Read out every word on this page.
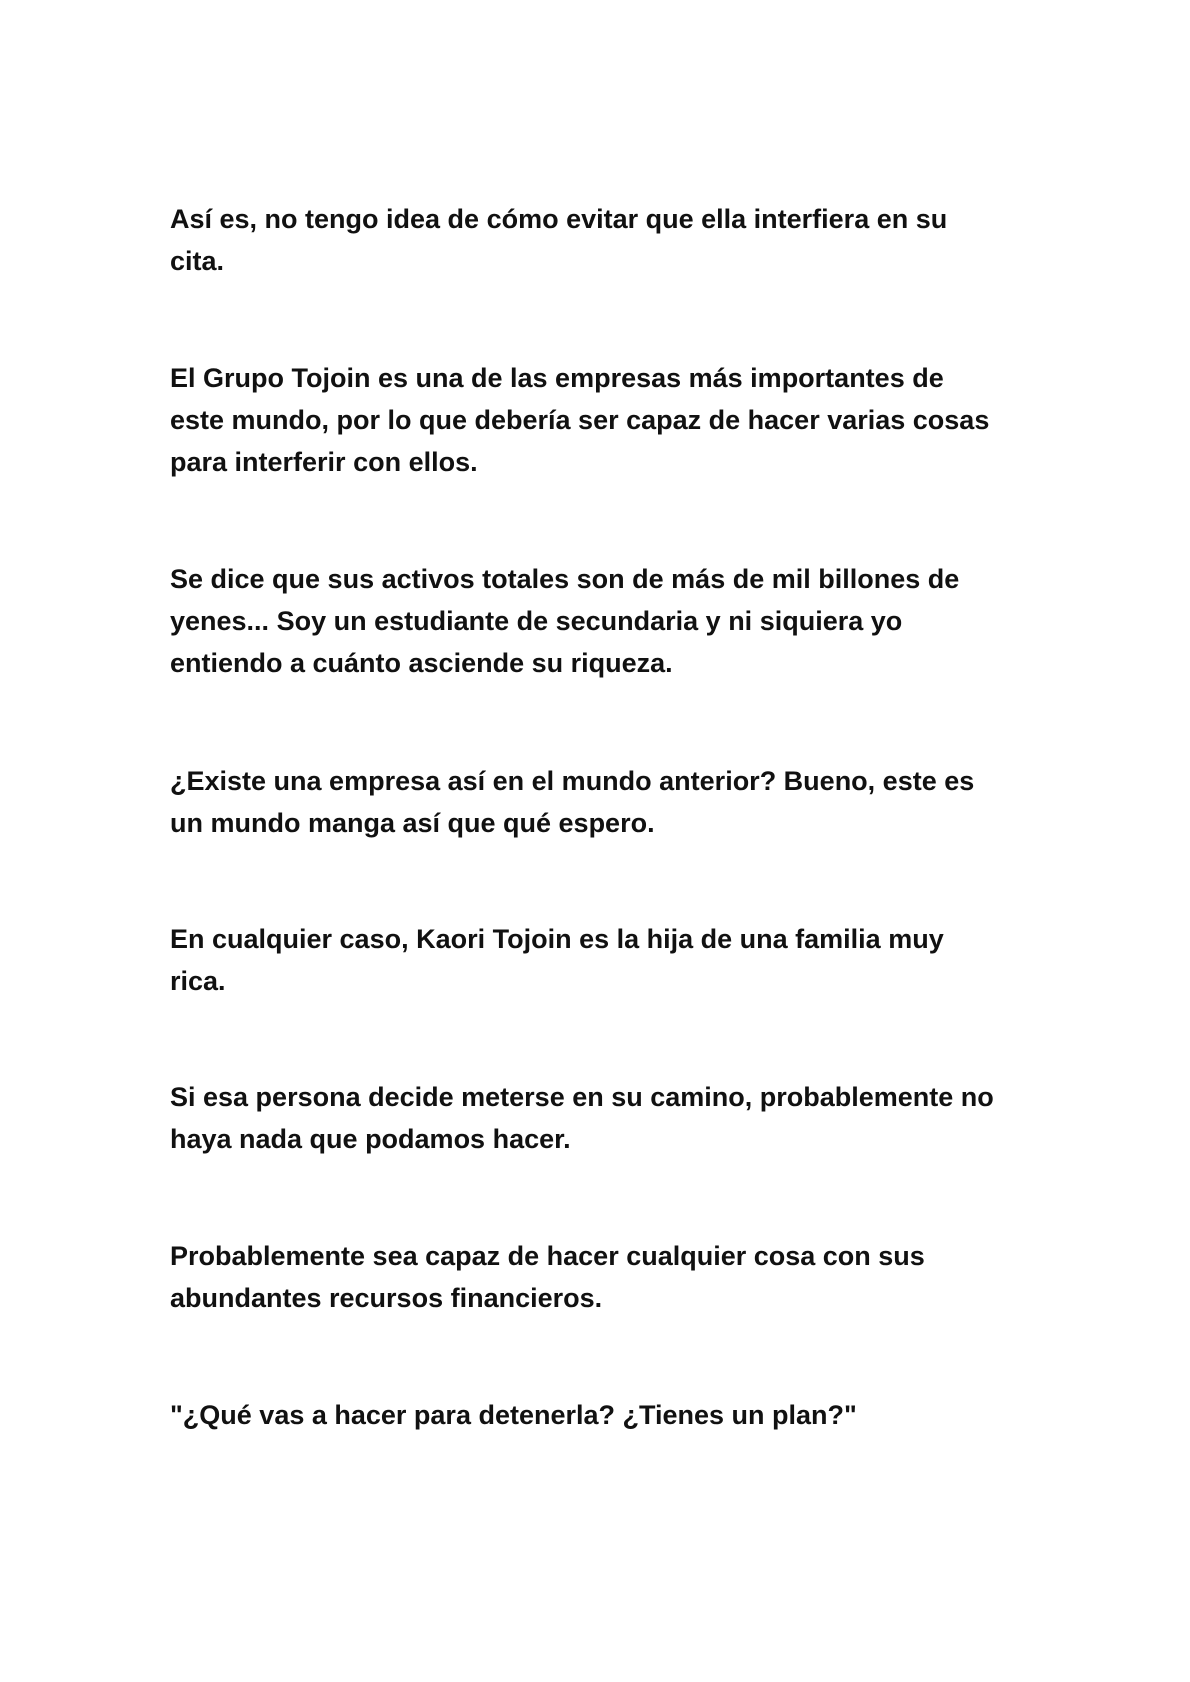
Así es, no tengo idea de cómo evitar que ella interfiera en su
cita.

El Grupo Tojoin es una de las empresas más importantes de
este mundo, por lo que debería ser capaz de hacer varias cosas
para interferir con ellos.

Se dice que sus activos totales son de más de mil billones de
yenes... Soy un estudiante de secundaria y ni siquiera yo
entiendo a cuánto asciende su riqueza.

¿Existe una empresa así en el mundo anterior? Bueno, este es
un mundo manga así que qué espero.

En cualquier caso, Kaori Tojoin es la hija de una familia muy
rica.

Si esa persona decide meterse en su camino, probablemente no
haya nada que podamos hacer.

Probablemente sea capaz de hacer cualquier cosa con sus
abundantes recursos financieros.

"¿Qué vas a hacer para detenerla? ¿Tienes un plan?"
